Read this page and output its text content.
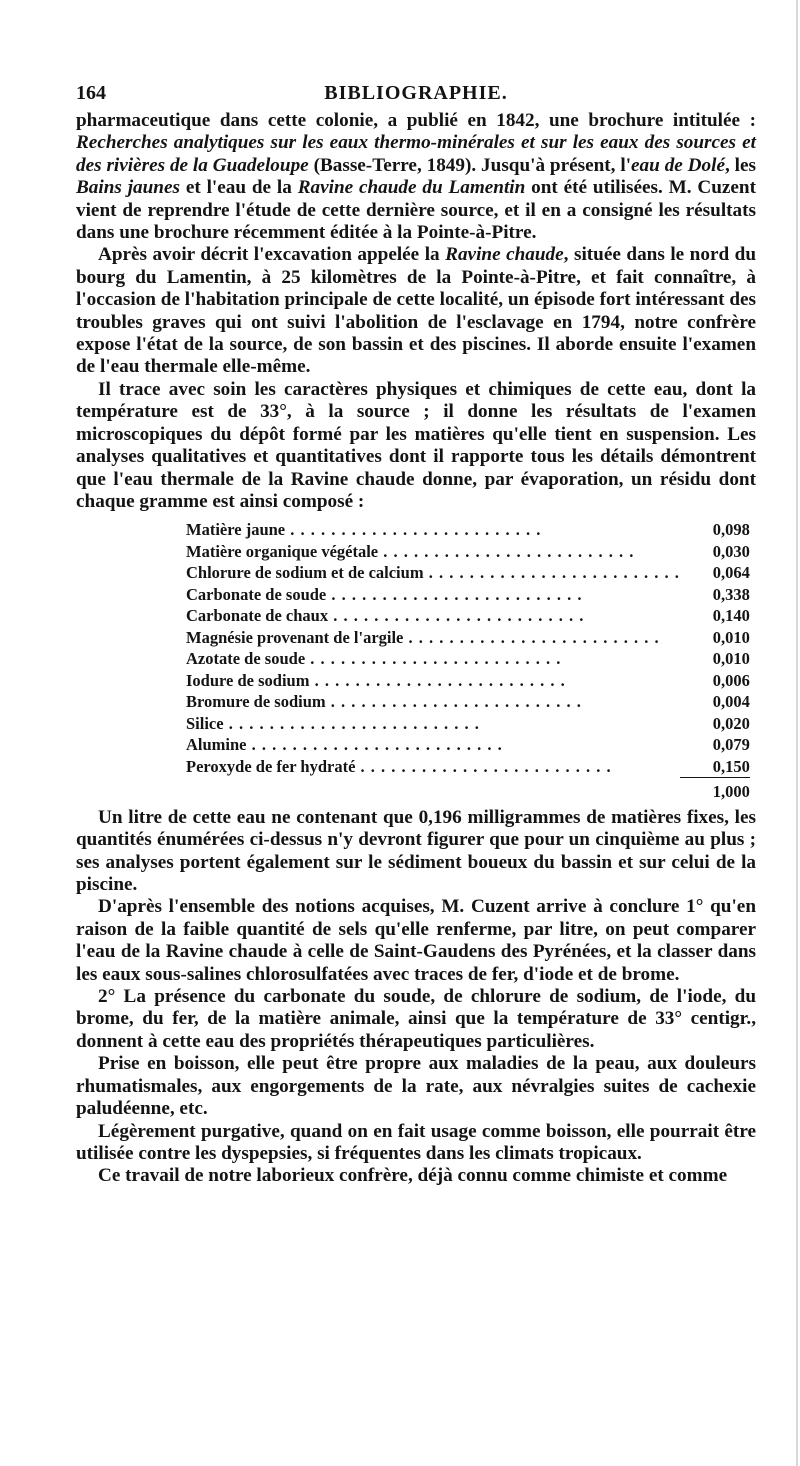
164	BIBLIOGRAPHIE.

pharmaceutique dans cette colonie, a publié en 1842, une brochure intitulée : Recherches analytiques sur les eaux thermo-minérales et sur les eaux des sources et des rivières de la Guadeloupe (Basse-Terre, 1849). Jusqu'à présent, l'eau de Dolé, les Bains jaunes et l'eau de la Ravine chaude du Lamentin ont été utilisées. M. Cuzent vient de reprendre l'étude de cette dernière source, et il en a consigné les résultats dans une brochure récemment éditée à la Pointe-à-Pitre.

Après avoir décrit l'excavation appelée la Ravine chaude, située dans le nord du bourg du Lamentin, à 25 kilomètres de la Pointe-à-Pitre, et fait connaître, à l'occasion de l'habitation principale de cette localité, un épisode fort intéressant des troubles graves qui ont suivi l'abolition de l'esclavage en 1794, notre confrère expose l'état de la source, de son bassin et des piscines. Il aborde ensuite l'examen de l'eau thermale elle-même.

Il trace avec soin les caractères physiques et chimiques de cette eau, dont la température est de 33°, à la source ; il donne les résultats de l'examen microscopiques du dépôt formé par les matières qu'elle tient en suspension. Les analyses qualitatives et quantitatives dont il rapporte tous les détails démontrent que l'eau thermale de la Ravine chaude donne, par évaporation, un résidu dont chaque gramme est ainsi composé :

Matière jaune . . .	0,098
Matière organique végétale . . .	0,030
Chlorure de sodium et de calcium . . .	0,064
Carbonate de soude . . .	0,338
Carbonate de chaux . . .	0,140
Magnésie provenant de l'argile . . .	0,010
Azotate de soude . . .	0,010
Iodure de sodium . . .	0,006
Bromure de sodium . . .	0,004
Silice . . .	0,020
Alumine . . .	0,079
Peroxyde de fer hydraté . . .	0,150
	1,000

Un litre de cette eau ne contenant que 0,196 milligrammes de matières fixes, les quantités énumérées ci-dessus n'y devront figurer que pour un cinquième au plus ; ses analyses portent également sur le sédiment boueux du bassin et sur celui de la piscine.

D'après l'ensemble des notions acquises, M. Cuzent arrive à conclure 1° qu'en raison de la faible quantité de sels qu'elle renferme, par litre, on peut comparer l'eau de la Ravine chaude à celle de Saint-Gaudens des Pyrénées, et la classer dans les eaux sous-salines chlorosulfatées avec traces de fer, d'iode et de brome.

2° La présence du carbonate du soude, de chlorure de sodium, de l'iode, du brome, du fer, de la matière animale, ainsi que la température de 33° centigr., donnent à cette eau des propriétés thérapeutiques particulières.

Prise en boisson, elle peut être propre aux maladies de la peau, aux douleurs rhumatismales, aux engorgements de la rate, aux névralgies suites de cachexie paludéenne, etc.

Légèrement purgative, quand on en fait usage comme boisson, elle pourrait être utilisée contre les dyspepsies, si fréquentes dans les climats tropicaux.

Ce travail de notre laborieux confrère, déjà connu comme chimiste et comme
